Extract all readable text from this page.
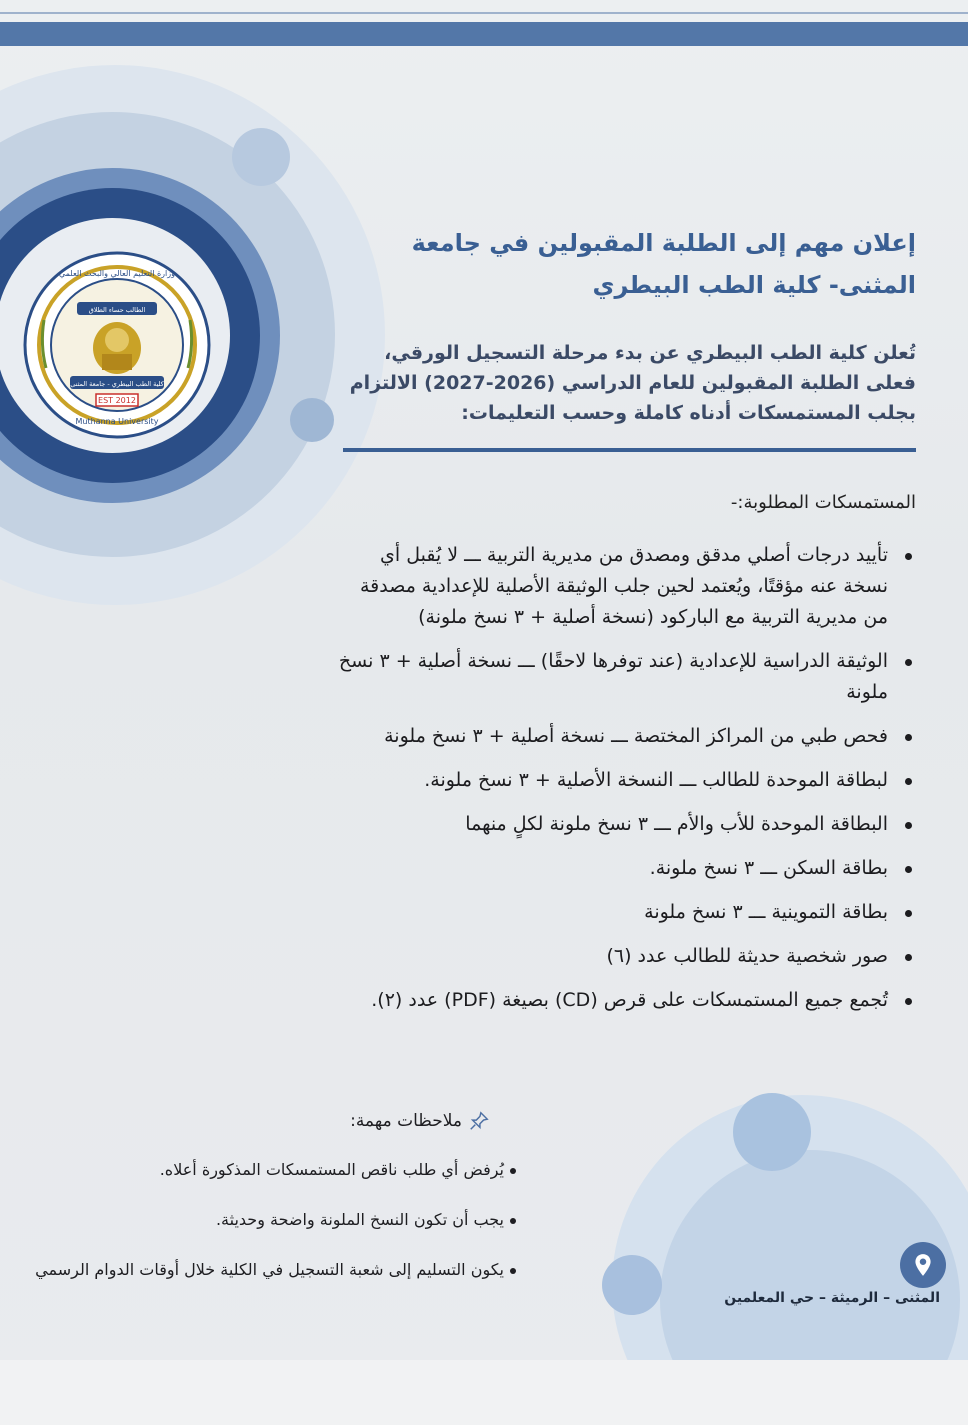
EST 2012
Muthanna University
وزارة التعليم العالي والبحث العلمي
الطالب حساء الطلاق
كلية الطب البيطري - جامعة المثنى
إعلان مهم إلى الطلبة المقبولين في جامعة المثنى- كلية الطب البيطري
تُعلن كلية الطب البيطري عن بدء مرحلة التسجيل الورقي، فعلى الطلبة المقبولين للعام الدراسي (2026-2027) الالتزام بجلب المستمسكات أدناه كاملة وحسب التعليمات:
المستمسكات المطلوبة:-
تأييد درجات أصلي مدقق ومصدق من مديرية التربية ـــ لا يُقبل أي نسخة عنه مؤقتًا، ويُعتمد لحين جلب الوثيقة الأصلية للإعدادية مصدقة من مديرية التربية مع الباركود (نسخة أصلية + ٣ نسخ ملونة)
الوثيقة الدراسية للإعدادية (عند توفرها لاحقًا) ـــ نسخة أصلية + ٣ نسخ ملونة
فحص طبي من المراكز المختصة ـــ نسخة أصلية + ٣ نسخ ملونة
لبطاقة الموحدة للطالب ـــ النسخة الأصلية + ٣ نسخ ملونة.
البطاقة الموحدة للأب والأم ـــ ٣ نسخ ملونة لكلٍ منهما
بطاقة السكن ـــ ٣ نسخ ملونة.
بطاقة التموينية ـــ ٣ نسخ ملونة
صور شخصية حديثة للطالب عدد (٦)
تُجمع جميع المستمسكات على قرص (CD) بصيغة (PDF) عدد (٢).
ملاحظات مهمة:
يُرفض أي طلب ناقص المستمسكات المذكورة أعلاه.
يجب أن تكون النسخ الملونة واضحة وحديثة.
يكون التسليم إلى شعبة التسجيل في الكلية خلال أوقات الدوام الرسمي
المثنى – الرميثة – حي المعلمين
